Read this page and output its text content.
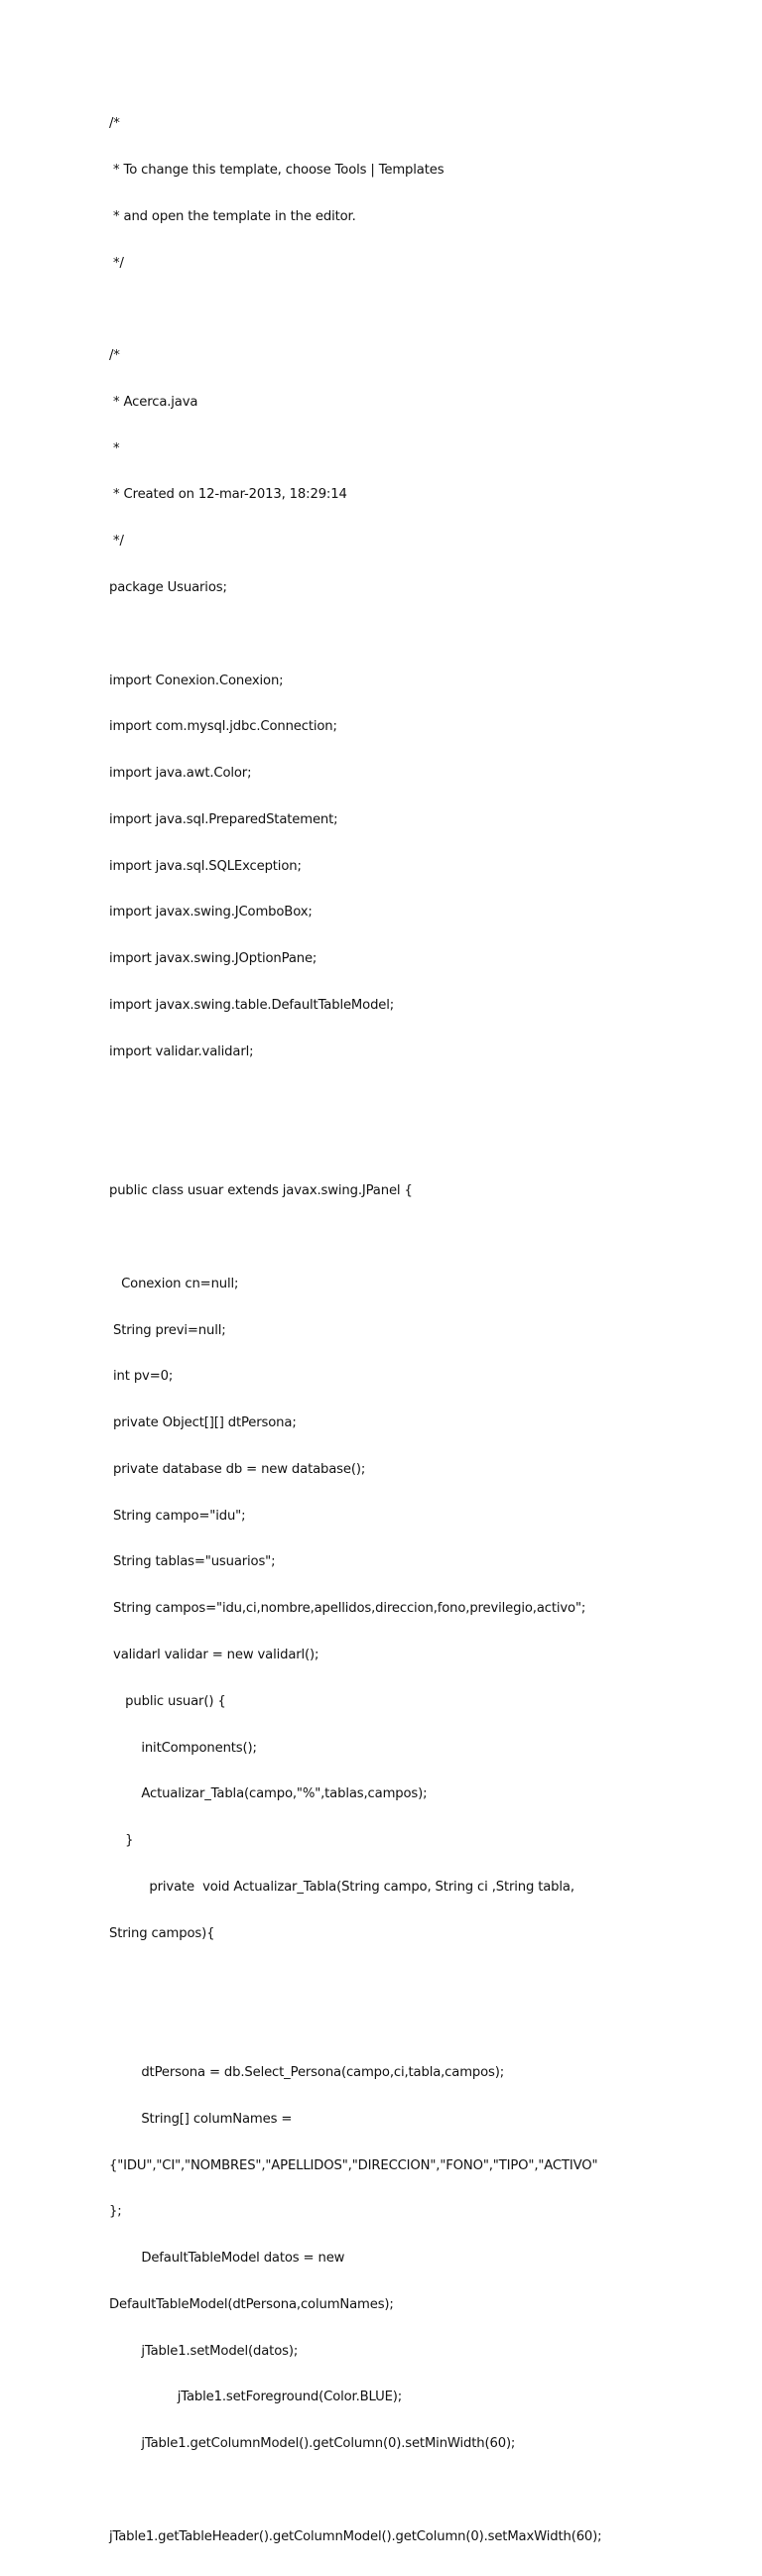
/*

* To change this template, choose Tools | Templates

* and open the template in the editor.

*/

/*

* Acerca.java

*

* Created on 12-mar-2013, 18:29:14

*/

package Usuarios;

import Conexion.Conexion;

import com.mysql.jdbc.Connection;

import java.awt.Color;

import java.sql.PreparedStatement;

import java.sql.SQLException;

import javax.swing.JComboBox;

import javax.swing.JOptionPane;

import javax.swing.table.DefaultTableModel;

import validar.validarl;

public class usuar extends javax.swing.JPanel {

Conexion cn=null;

String previ=null;

int pv=0;

private Object[][] dtPersona;

private database db = new database();

String campo="idu";

String tablas="usuarios";

String campos="idu,ci,nombre,apellidos,direccion,fono,previlegio,activo";

validarl validar = new validarl();

public usuar() {

initComponents();

Actualizar_Tabla(campo,"%",tablas,campos);

}

private  void Actualizar_Tabla(String campo, String ci ,String tabla,

String campos){

dtPersona = db.Select_Persona(campo,ci,tabla,campos);

String[] columNames =

{"IDU","CI","NOMBRES","APELLIDOS","DIRECCION","FONO","TIPO","ACTIVO"

};

DefaultTableModel datos = new

DefaultTableModel(dtPersona,columNames);

jTable1.setModel(datos);

jTable1.setForeground(Color.BLUE);

jTable1.getColumnModel().getColumn(0).setMinWidth(60);

jTable1.getTableHeader().getColumnModel().getColumn(0).setMaxWidth(60);
